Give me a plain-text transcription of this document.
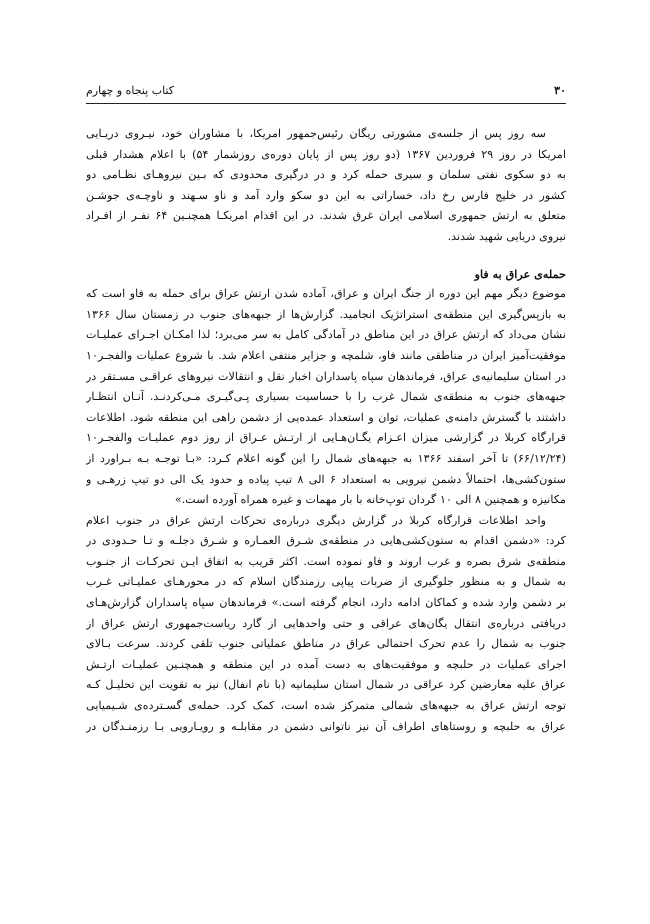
۳۰
کتاب پنجاه و چهارم

سه روز پس از جلسه‌ی مشورتی ریگان رئیس‌جمهور امریکا، با مشاوران خود، نیـروی دریـایی
امریکا در روز ۲۹ فروردین ۱۳۶۷ (دو روز پس از پایان دوره‌ی روزشمار ۵۴) با اعلام هشدار قبلی
به دو سکوی نفتی سلمان و سیری حمله کرد و در درگیری محدودی که بـین نیروهـای نظـامی دو
کشور در خلیج فارس رخ داد، خساراتی به این دو سکو وارد آمد و ناو سـهند و ناوچـه‌ی جوشـن
متعلق به ارتش جمهوری اسلامی ایران غرق شدند. در این اقدام امریکـا همچنـین ۶۴ نفـر از افـراد
نیروی دریایی شهید شدند.

حمله‌ی عراق به فاو

موضوع دیگر مهم این دوره از جنگ ایران و عراق، آماده شدن ارتش عراق برای حمله به فاو است که
به بازپس‌گیری این منطقه‌ی استراتژیک انجامید. گزارش‌ها از جبهه‌های جنوب در زمستان سال ۱۳۶۶
نشان می‌داد که ارتش عراق در این مناطق در آمادگی کامل به سر می‌برد؛ لذا امکـان اجـرای عملیـات
موفقیت‌آمیز ایران در مناطقی مانند فاو، شلمچه و جزایر منتفی اعلام شد. با شروع عملیات والفجـر۱۰
در استان سلیمانیه‌ی عراق، فرماندهان سپاه پاسداران اخبار نقل و انتقالات نیروهای عراقـی مسـتقر در
جبهه‌های جنوب به منطقه‌ی شمال غرب را با حساسیت بسیاری پـی‌گیـری مـی‌کردنـد. آنـان انتظـار
داشتند با گسترش دامنه‌ی عملیات، توان و استعداد عمده‌یی از دشمن راهی این منطقه شود. اطلاعات
قرارگاه کربلا در گزارشی میزان اعـزام یگـان‌هـایی از ارتـش عـراق از روز دوم عملیـات والفجـر۱۰
(۶۶/۱۲/۲۴) تا آخر اسفند ۱۳۶۶ به جبهه‌های شمال را این گونه اعلام کـرد: «بـا توجـه بـه بـراورد از
ستون‌کشی‌ها، احتمالاً دشمن نیرویی به استعداد ۶ الی ۸ تیپ پیاده و حدود یک الی دو تیپ زرهـی و
مکانیزه و همچنین ۸ الی ۱۰ گردان توپ‌خانه با بار مهمات و غیره همراه آورده است.»

واحد اطلاعات قرارگاه کربلا در گزارش دیگری درباره‌ی تحرکات ارتش عراق در جنوب اعلام
کرد: «دشمن اقدام به ستون‌کشی‌هایی در منطقه‌ی شـرق العمـاره و شـرق دجلـه و تـا حـدودی در
منطقه‌ی شرق بصره و غرب اروند و فاو نموده است. اکثر قریب به اتفاق ایـن تحرکـات از جنـوب
به شمال و به منظور جلوگیری از ضربات پیاپی رزمندگان اسلام که در محورهـای عملیـاتی غـرب
بر دشمن وارد شده و کماکان ادامه دارد، انجام گرفته است.» فرماندهان سپاه پاسداران گزارش‌هـای
دریافتی درباره‌ی انتقال یگان‌های عراقی و حتی واحدهایی از گارد ریاست‌جمهوری ارتش عراق از
جنوب به شمال را عدم تحرک احتمالی عراق در مناطق عملیاتی جنوب تلقی کردند. سرعت بـالای
اجرای عملیات در حلبچه و موفقیت‌های به دست آمده در این منطقه و همچنـین عملیـات ارتـش
عراق علیه معارضین کرد عراقی در شمال استان سلیمانیه (با نام انفال) نیز به تقویت این تحلیـل کـه
توجه ارتش عراق به جبهه‌های شمالی متمرکز شده است، کمک کرد. حمله‌ی گسـترده‌ی شـیمیایی
عراق به حلبچه و روستاهای اطراف آن نیز ناتوانی دشمن در مقابلـه و رویـارویی بـا رزمنـدگان در
